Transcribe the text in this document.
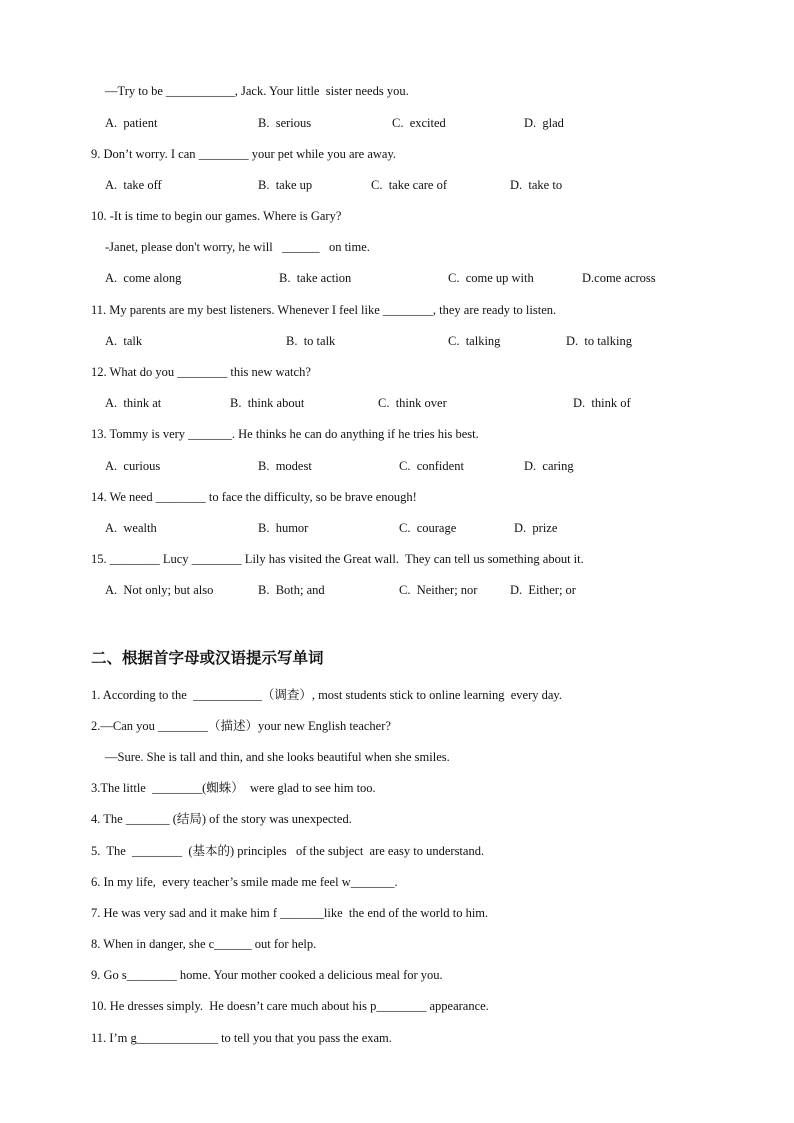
—Try to be ___________, Jack. Your little  sister needs you.
A.  patient	B.  serious	C.  excited	D.  glad
9. Don’t worry. I can ________ your pet while you are away.
A.  take off	B.  take up	C.  take care of	D.  take to
10. -It is time to begin our games. Where is Gary?
-Janet, please don't worry, he will   ______   on time.
A.  come along	B.  take action	C.  come up with	D.come across
11. My parents are my best listeners. Whenever I feel like ________, they are ready to listen.
A.  talk	B.  to talk	C.  talking	D.  to talking
12. What do you ________ this new watch?
A.  think at	B.  think about	C.  think over	D.  think of
13. Tommy is very _______. He thinks he can do anything if he tries his best.
A.  curious	B.  modest	C.  confident	D.  caring
14. We need ________ to face the difficulty, so be brave enough!
A.  wealth	B.  humor	C.  courage	D.  prize
15. ________ Lucy ________ Lily has visited the Great wall.  They can tell us something about it.
A.  Not only; but also	B.  Both; and	C.  Neither; nor	D.  Either; or
二、根据首字母或汉语提示写单词
1. According to the  ___________（调查）, most students stick to online learning  every day.
2.—Can you ________（描述）your new English teacher?
—Sure. She is tall and thin, and she looks beautiful when she smiles.
3.The little  ________(蜘蛛）  were glad to see him too.
4. The _______ (结局) of the story was unexpected.
5.  The  ________  (基本的) principles   of the subject  are easy to understand.
6. In my life,  every teacher’s smile made me feel w_______.
7. He was very sad and it make him f _______like  the end of the world to him.
8. When in danger, she c______ out for help.
9. Go s________ home. Your mother cooked a delicious meal for you.
10. He dresses simply.  He doesn’t care much about his p________ appearance.
11. I’m g_____________ to tell you that you pass the exam.
